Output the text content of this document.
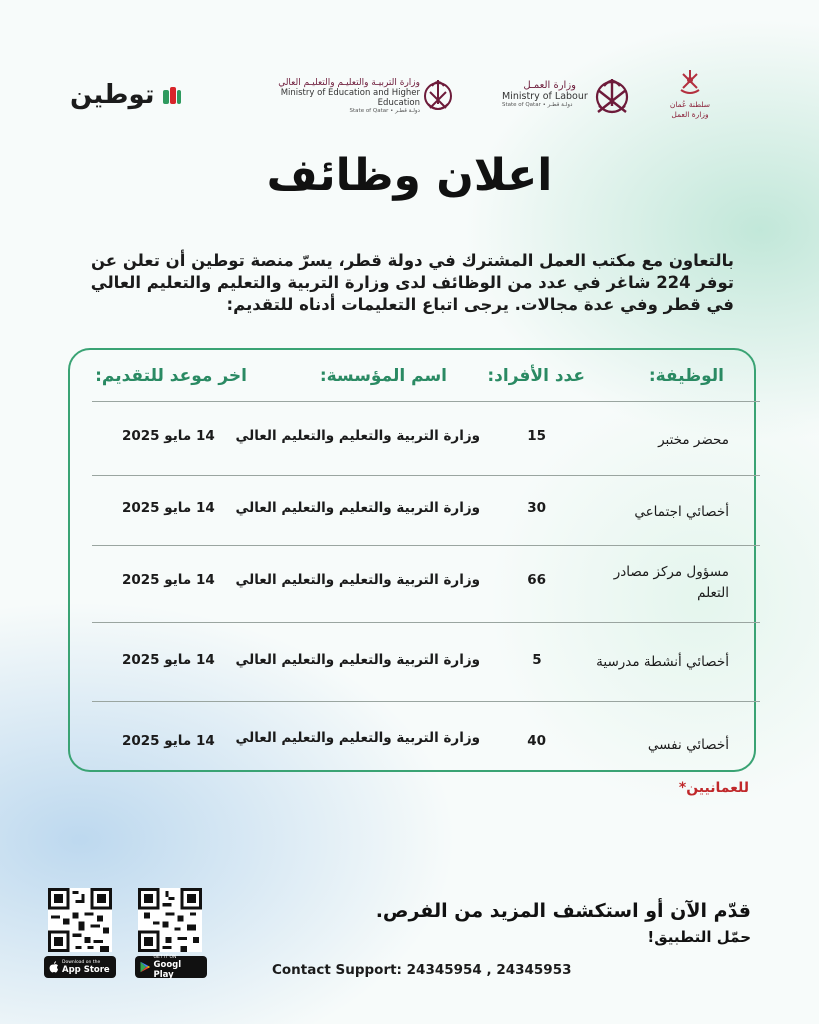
توطين	وزارة التربيـة والتعليـم والتعليـم العالي
Ministry of Education and Higher Education
State of Qatar • دولـة قطـر
وزارة العمـل
Ministry of Labour
State of Qatar • دولـة قطـر	سلطنة عُمان
وزارة العمل
اعلان وظائف
بالتعاون مع مكتب العمل المشترك في دولة قطر، يسرّ منصة توطين أن تعلن عن توفر 224 شاغر في عدد من الوظائف لدى وزارة التربية والتعليم والتعليم العالي في قطر وفي عدة مجالات. يرجى اتباع التعليمات أدناه للتقديم:
الوظيفة:
عدد الأفراد:
اسم المؤسسة:
اخر موعد للتقديم:
محضر مختبر
15
وزارة التربية والتعليم والتعليم العالي
14 مايو 2025
أخصائي اجتماعي
30
وزارة التربية والتعليم والتعليم العالي
14 مايو 2025
مسؤول مركز مصادر التعلم
66
وزارة التربية والتعليم والتعليم العالي
14 مايو 2025
أخصائي أنشطة مدرسية
5
وزارة التربية والتعليم والتعليم العالي
14 مايو 2025
أخصائي نفسي
40
وزارة التربية والتعليم والتعليم العالي
14 مايو 2025
للعمانيين*
قدّم الآن أو استكشف المزيد من الفرص.
حمّل التطبيق!
Contact Support: 24345954 , 24345953
Download on the
App Store
GET IT ON
Googl Play
